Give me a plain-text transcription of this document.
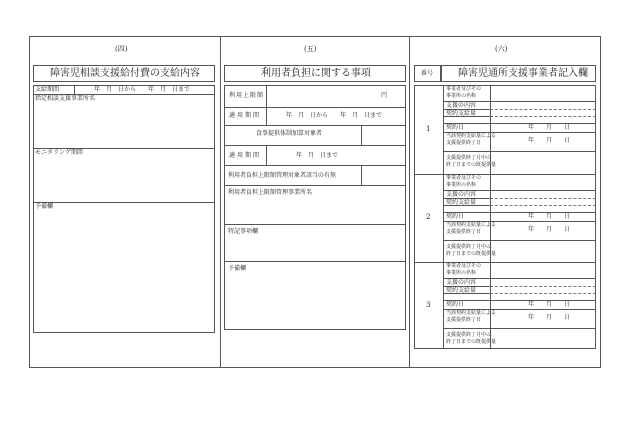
(四)
障害児相談支援給付費の支給内容
支給期間	年　月　日から　　年　月　日まで
指定相談支援事業所名
モニタリング期間
予備欄
(五)
利用者負担に関する事項
利用上限額	円
適用期間	年　月　日から　　年　月　日まで
食事提供体制加算対象者
適用期間	年　月　日まで
利用者負担上限額管理対象者該当の有無
利用者負担上限額管理事業所名
特記事項欄
予備欄
(六)
番号 障害児通所支援事業者記入欄
1
事業者及びその
事業所の名称
支援の内容
契約支給量
契約日	年　　月　　日
当該契約支給量による
支援提供終了日	年　　月　　日
支援提供終了月中の
終了日までの既提供量
2
事業者及びその
事業所の名称
支援の内容
契約支給量
契約日	年　　月　　日
当該契約支給量による
支援提供終了日	年　　月　　日
支援提供終了月中の
終了日までの既提供量
3
事業者及びその
事業所の名称
支援の内容
契約支給量
契約日	年　　月　　日
当該契約支給量による
支援提供終了日	年　　月　　日
支援提供終了月中の
終了日までの既提供量
